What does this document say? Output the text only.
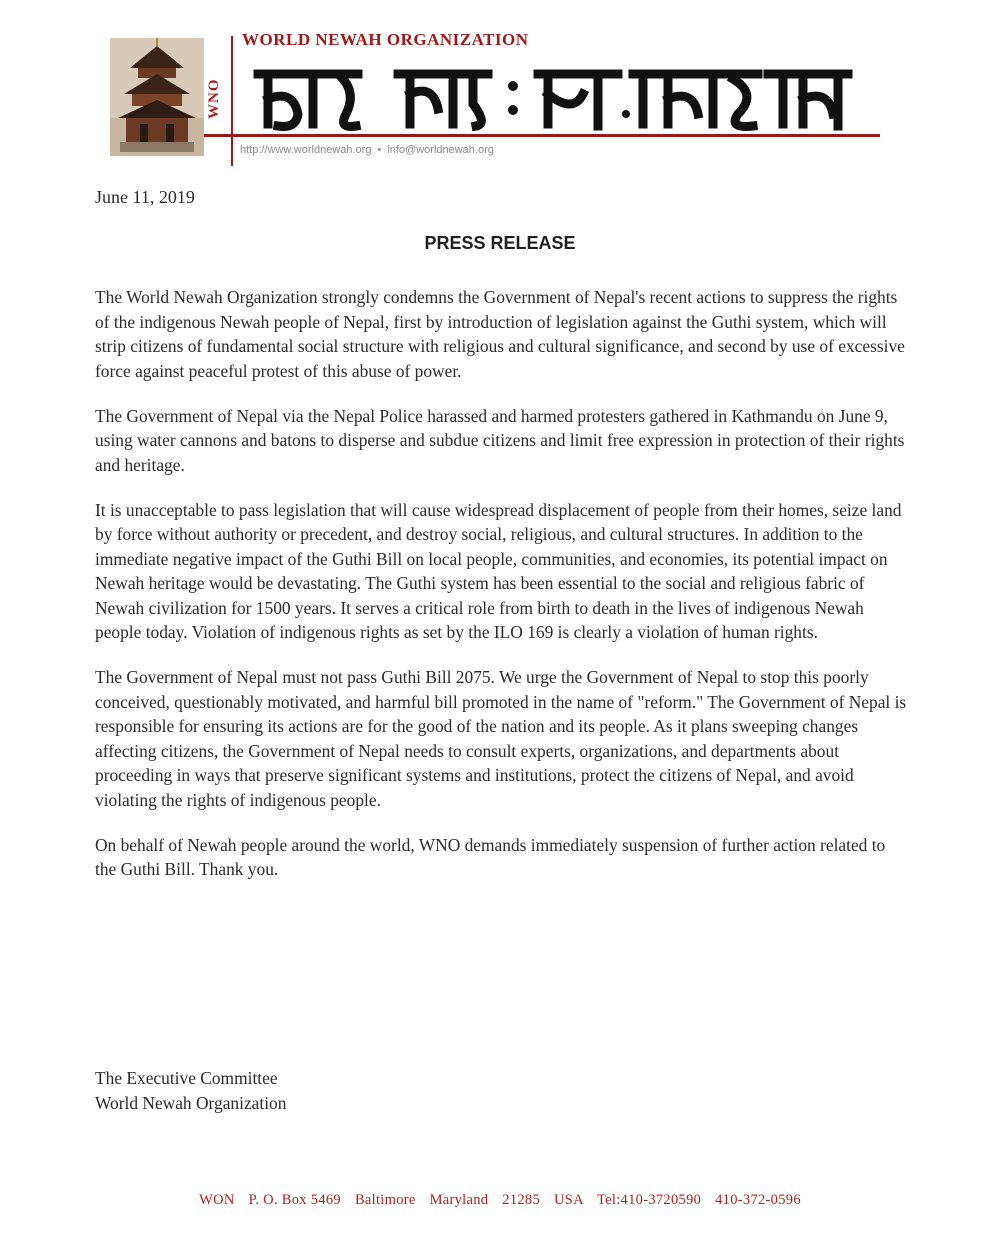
WNO
WORLD NEWAH ORGANIZATION
http://www.worldnewah.org • info@worldnewah.org
June 11, 2019
PRESS RELEASE

The World Newah Organization strongly condemns the Government of Nepal's recent actions to suppress the rights of the indigenous Newah people of Nepal, first by introduction of legislation against the Guthi system, which will strip citizens of fundamental social structure with religious and cultural significance, and second by use of excessive force against peaceful protest of this abuse of power.

The Government of Nepal via the Nepal Police harassed and harmed protesters gathered in Kathmandu on June 9, using water cannons and batons to disperse and subdue citizens and limit free expression in protection of their rights and heritage.

It is unacceptable to pass legislation that will cause widespread displacement of people from their homes, seize land by force without authority or precedent, and destroy social, religious, and cultural structures. In addition to the immediate negative impact of the Guthi Bill on local people, communities, and economies, its potential impact on Newah heritage would be devastating. The Guthi system has been essential to the social and religious fabric of Newah civilization for 1500 years. It serves a critical role from birth to death in the lives of indigenous Newah people today. Violation of indigenous rights as set by the ILO 169 is clearly a violation of human rights.

The Government of Nepal must not pass Guthi Bill 2075. We urge the Government of Nepal to stop this poorly conceived, questionably motivated, and harmful bill promoted in the name of "reform." The Government of Nepal is responsible for ensuring its actions are for the good of the nation and its people. As it plans sweeping changes affecting citizens, the Government of Nepal needs to consult experts, organizations, and departments about proceeding in ways that preserve significant systems and institutions, protect the citizens of Nepal, and avoid violating the rights of indigenous people.

On behalf of Newah people around the world, WNO demands immediately suspension of further action related to the Guthi Bill. Thank you.

The Executive Committee
World Newah Organization
WON P. O. Box 5469 Baltimore Maryland 21285 USA Tel:410-3720590 410-372-0596
